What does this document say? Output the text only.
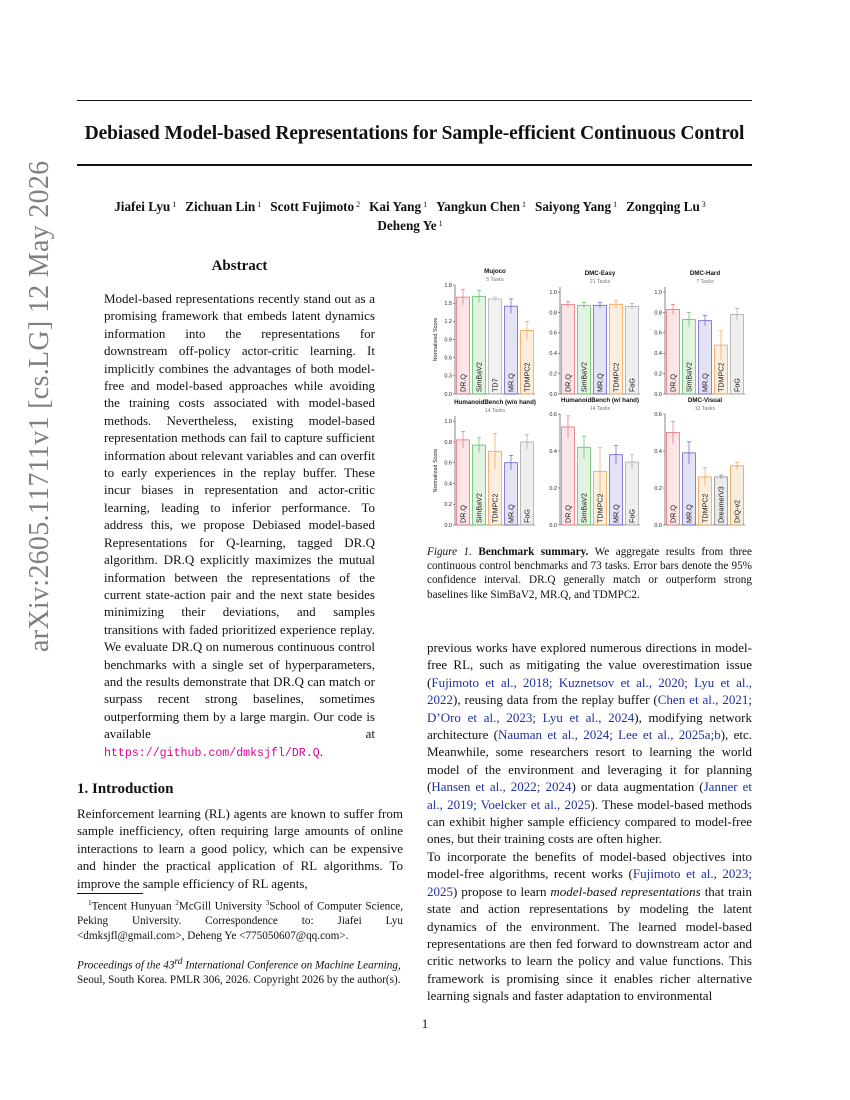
Debiased Model-based Representations for Sample-efficient Continuous Control
Jiafei Lyu $^1$ Zichuan Lin $^1$ Scott Fujimoto $^2$ Kai Yang $^1$ Yangkun Chen $^1$ Saiyong Yang $^1$ Zongqing Lu $^3$
Deheng Ye $^1$
arXiv:2605.11711v1 [cs.LG] 12 May 2026	Abstract
Model-based representations recently stand out as a promising framework that embeds latent dynamics information into the representations for downstream off-policy actor-critic learning. It implicitly combines the advantages of both model-free and model-based approaches while avoiding the training costs associated with model-based methods. Nevertheless, existing model-based representation methods can fail to capture sufficient information about relevant variables and can overfit to early experiences in the replay buffer. These incur biases in representation and actor-critic learning, leading to inferior performance. To address this, we propose Debiased model-based Representations for Q-learning, tagged DR.Q algorithm. DR.Q explicitly maximizes the mutual information between the representations of the current state-action pair and the next state besides minimizing their deviations, and samples transitions with faded prioritized experience replay. We evaluate DR.Q on numerous continuous control benchmarks with a single set of hyperparameters, and the results demonstrate that DR.Q can match or surpass recent strong baselines, sometimes outperforming them by a large margin. Our code is available at https://github.com/dmksjfl/DR.Q.
1. Introduction
Reinforcement learning (RL) agents are known to suffer from sample inefficiency, often requiring large amounts of online interactions to learn a good policy, which can be expensive and hinder the practical application of RL algorithms. To improve the sample efficiency of RL agents,
$^1$Tencent Hunyuan $^2$McGill University $^3$School of Computer Science, Peking University. Correspondence to: Jiafei Lyu <dmksjfl@gmail.com>, Deheng Ye <775050607@qq.com>.
Proceedings of the 43rd International Conference on Machine Learning, Seoul, South Korea. PMLR 306, 2026. Copyright 2026 by the author(s).
Mujoco
5 Tasks
0.0
0.3
0.6
0.9
1.2
1.5
1.8
Normalized Score
DR.Q SimBaV2 TD7 MR.Q TDMPC2
DMC-Easy
21 Tasks
0.0
0.2
0.4
0.6
0.8
1.0
DR.Q SimBaV2 MR.Q TDMPC2 FoG
DMC-Hard
7 Tasks
0.0
0.2
0.4
0.6
0.8
1.0
DR.Q SimBaV2 MR.Q TDMPC2 FoG
HumanoidBench (w/o hand)
14 Tasks
0.0
0.2
0.4
0.6
0.8
1.0
Normalized Score
DR.Q SimBaV2 TDMPC2 MR.Q FoG
HumanoidBench (w/ hand)
14 Tasks
0.0
0.2
0.4
0.6
DR.Q SimBaV2 TDMPC2 MR.Q FoG
DMC-Visual
12 Tasks
0.0
0.2
0.4
0.6
DR.Q MR.Q TDMPC2 DreamerV3 DrQ-v2
Figure 1. Benchmark summary. We aggregate results from three continuous control benchmarks and 73 tasks. Error bars denote the 95% confidence interval. DR.Q generally match or outperform strong baselines like SimBaV2, MR.Q, and TDMPC2.
previous works have explored numerous directions in model-free RL, such as mitigating the value overestimation issue (Fujimoto et al., 2018; Kuznetsov et al., 2020; Lyu et al., 2022), reusing data from the replay buffer (Chen et al., 2021; D’Oro et al., 2023; Lyu et al., 2024), modifying network architecture (Nauman et al., 2024; Lee et al., 2025a;b), etc. Meanwhile, some researchers resort to learning the world model of the environment and leveraging it for planning (Hansen et al., 2022; 2024) or data augmentation (Janner et al., 2019; Voelcker et al., 2025). These model-based methods can exhibit higher sample efficiency compared to model-free ones, but their training costs are often higher.
To incorporate the benefits of model-based objectives into model-free algorithms, recent works (Fujimoto et al., 2023; 2025) propose to learn model-based representations that train state and action representations by modeling the latent dynamics of the environment. The learned model-based representations are then fed forward to downstream actor and critic networks to learn the policy and value functions. This framework is promising since it enables richer alternative learning signals and faster adaptation to environmental
1
